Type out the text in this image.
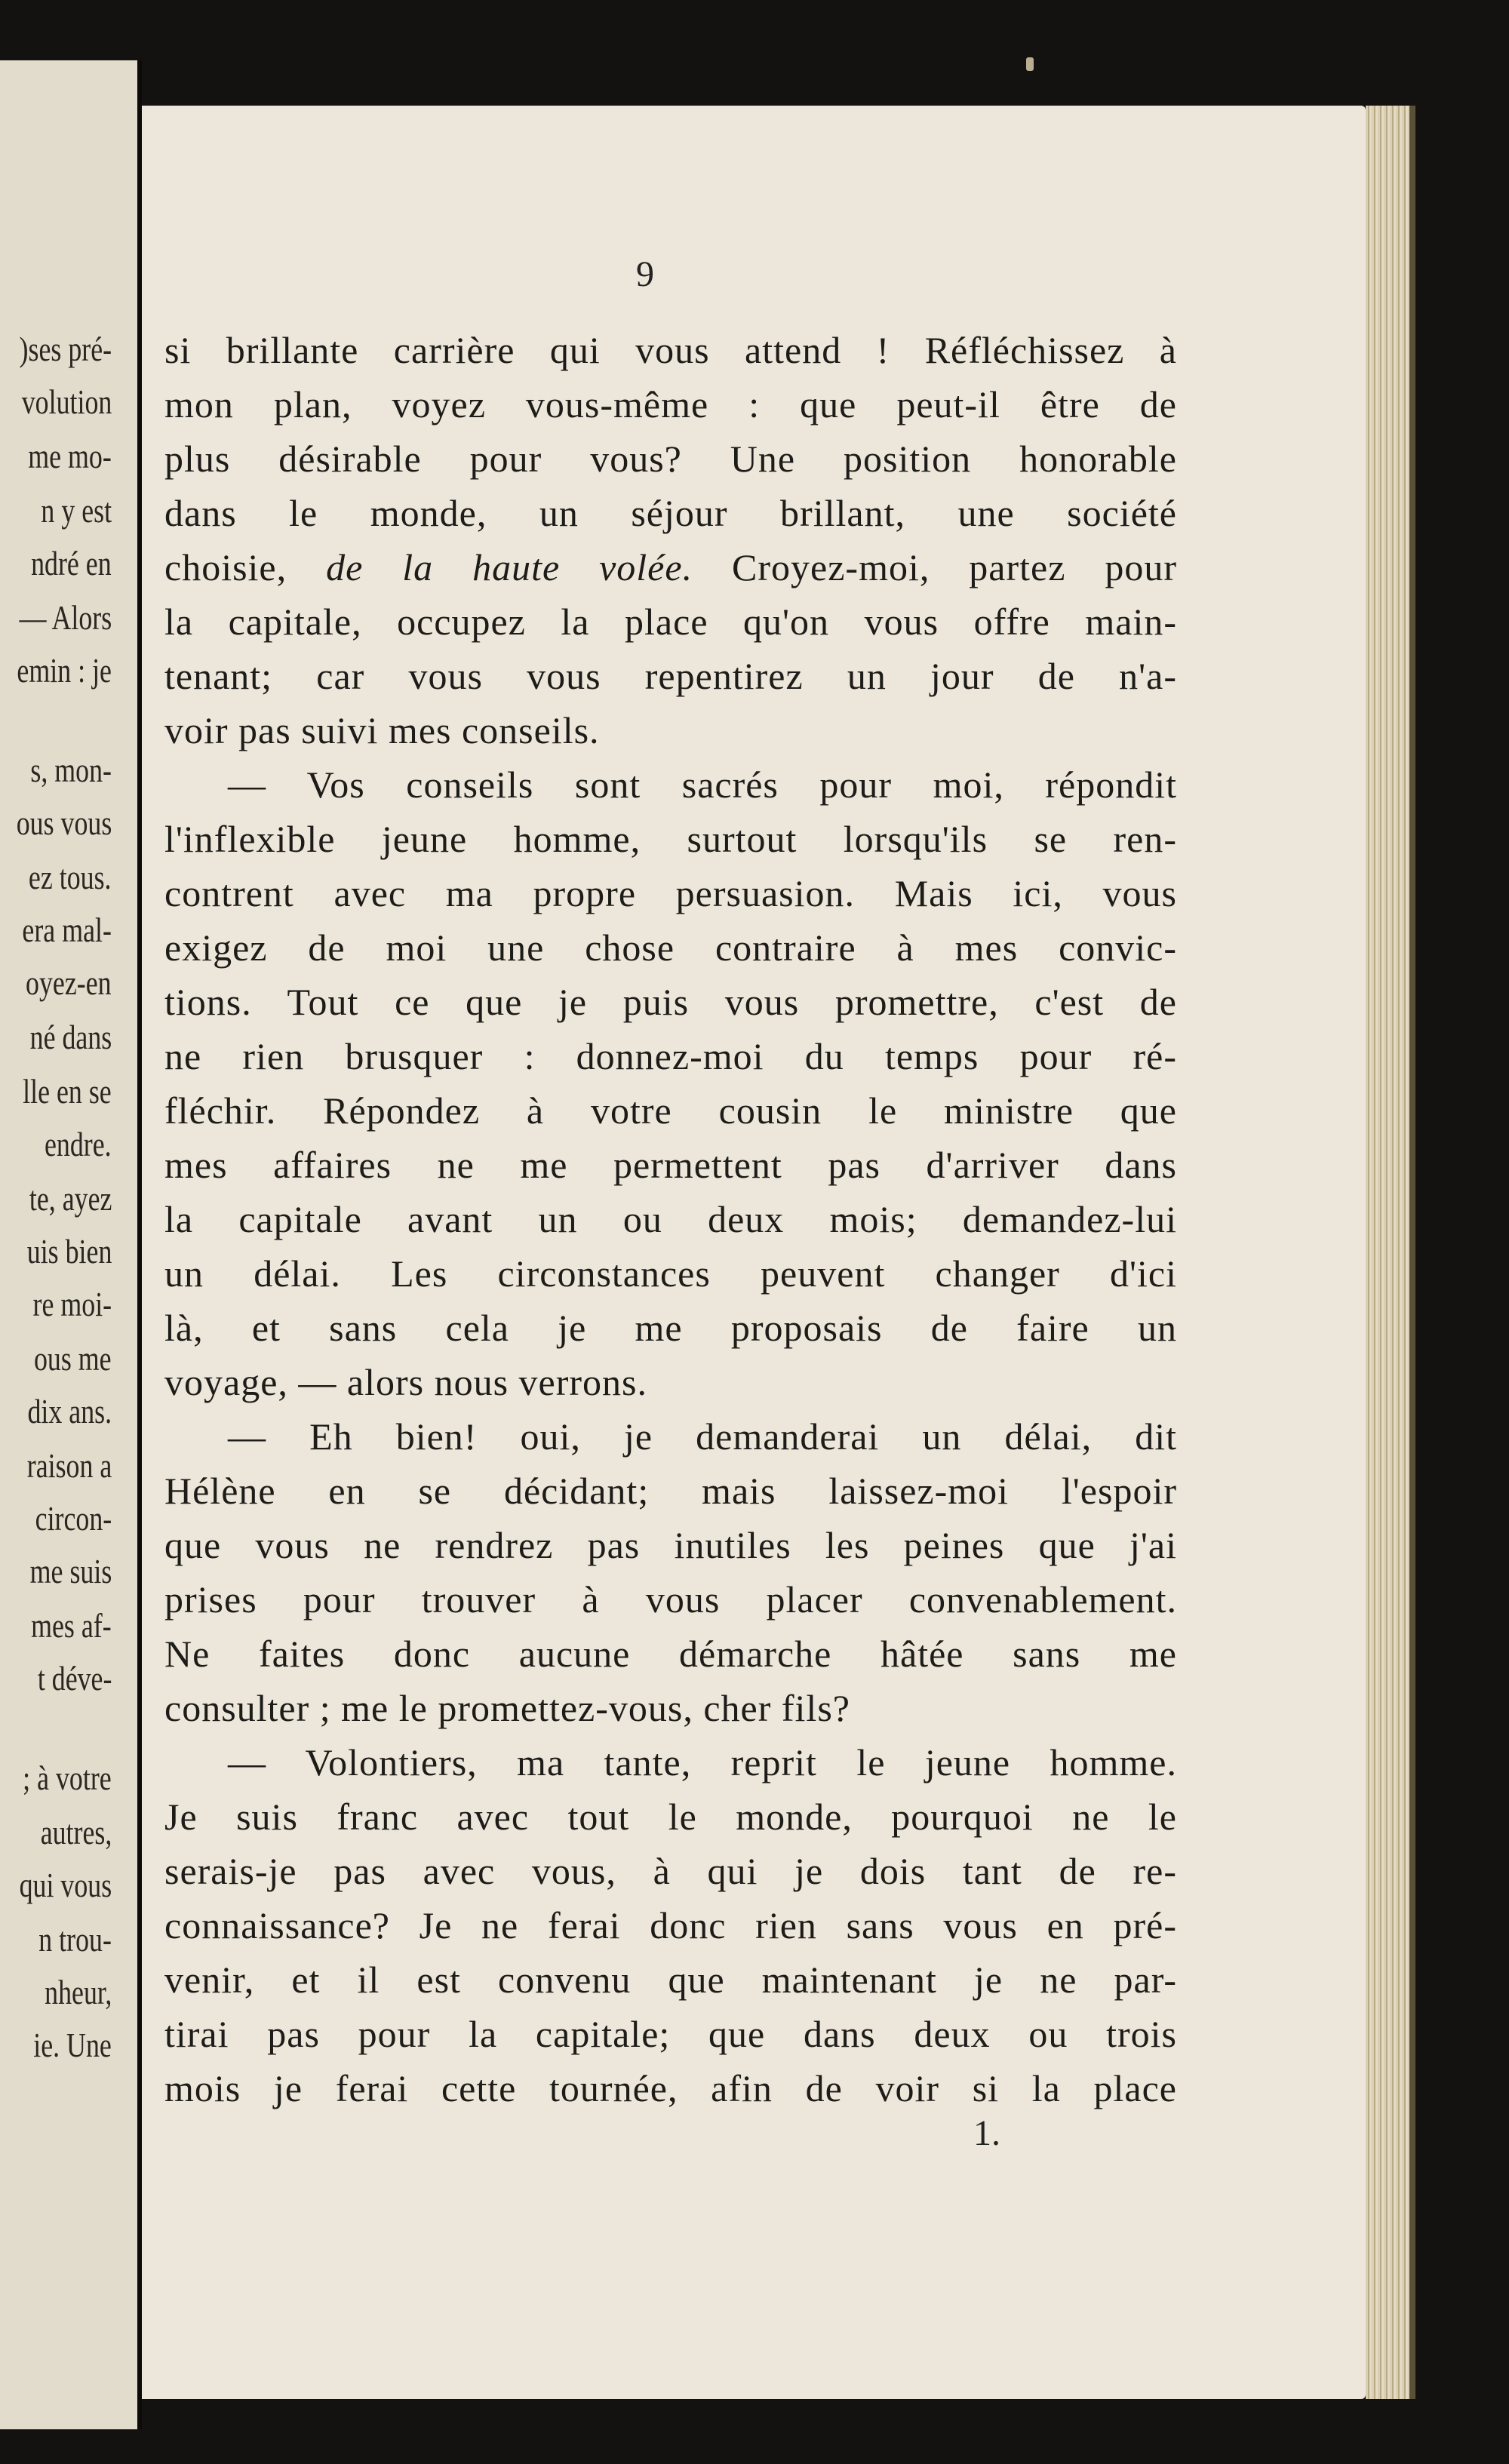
)ses pré-
volution
me mo-
n y est
ndré en
— Alors
emin : je
s, mon-
ous vous
ez tous.
era mal-
oyez-en
né dans
lle en se
endre.
te, ayez
uis bien
re moi-
ous me
dix ans.
raison a
circon-
me suis
mes af-
t déve-
; à votre
autres,
qui vous
n trou-
nheur,
ie. Une
9
si brillante carrière qui vous attend ! Réfléchissez à
mon plan, voyez vous-même : que peut-il être de
plus désirable pour vous? Une position honorable
dans le monde, un séjour brillant, une société
choisie, de la haute volée. Croyez-moi, partez pour
la capitale, occupez la place qu'on vous offre main-
tenant; car vous vous repentirez un jour de n'a-
voir pas suivi mes conseils.
— Vos conseils sont sacrés pour moi, répondit
l'inflexible jeune homme, surtout lorsqu'ils se ren-
contrent avec ma propre persuasion. Mais ici, vous
exigez de moi une chose contraire à mes convic-
tions. Tout ce que je puis vous promettre, c'est de
ne rien brusquer : donnez-moi du temps pour ré-
fléchir. Répondez à votre cousin le ministre que
mes affaires ne me permettent pas d'arriver dans
la capitale avant un ou deux mois; demandez-lui
un délai. Les circonstances peuvent changer d'ici
là, et sans cela je me proposais de faire un
voyage, — alors nous verrons.
— Eh bien! oui, je demanderai un délai, dit
Hélène en se décidant; mais laissez-moi l'espoir
que vous ne rendrez pas inutiles les peines que j'ai
prises pour trouver à vous placer convenablement.
Ne faites donc aucune démarche hâtée sans me
consulter ; me le promettez-vous, cher fils?
— Volontiers, ma tante, reprit le jeune homme.
Je suis franc avec tout le monde, pourquoi ne le
serais-je pas avec vous, à qui je dois tant de re-
connaissance? Je ne ferai donc rien sans vous en pré-
venir, et il est convenu que maintenant je ne par-
tirai pas pour la capitale; que dans deux ou trois
mois je ferai cette tournée, afin de voir si la place
1.
